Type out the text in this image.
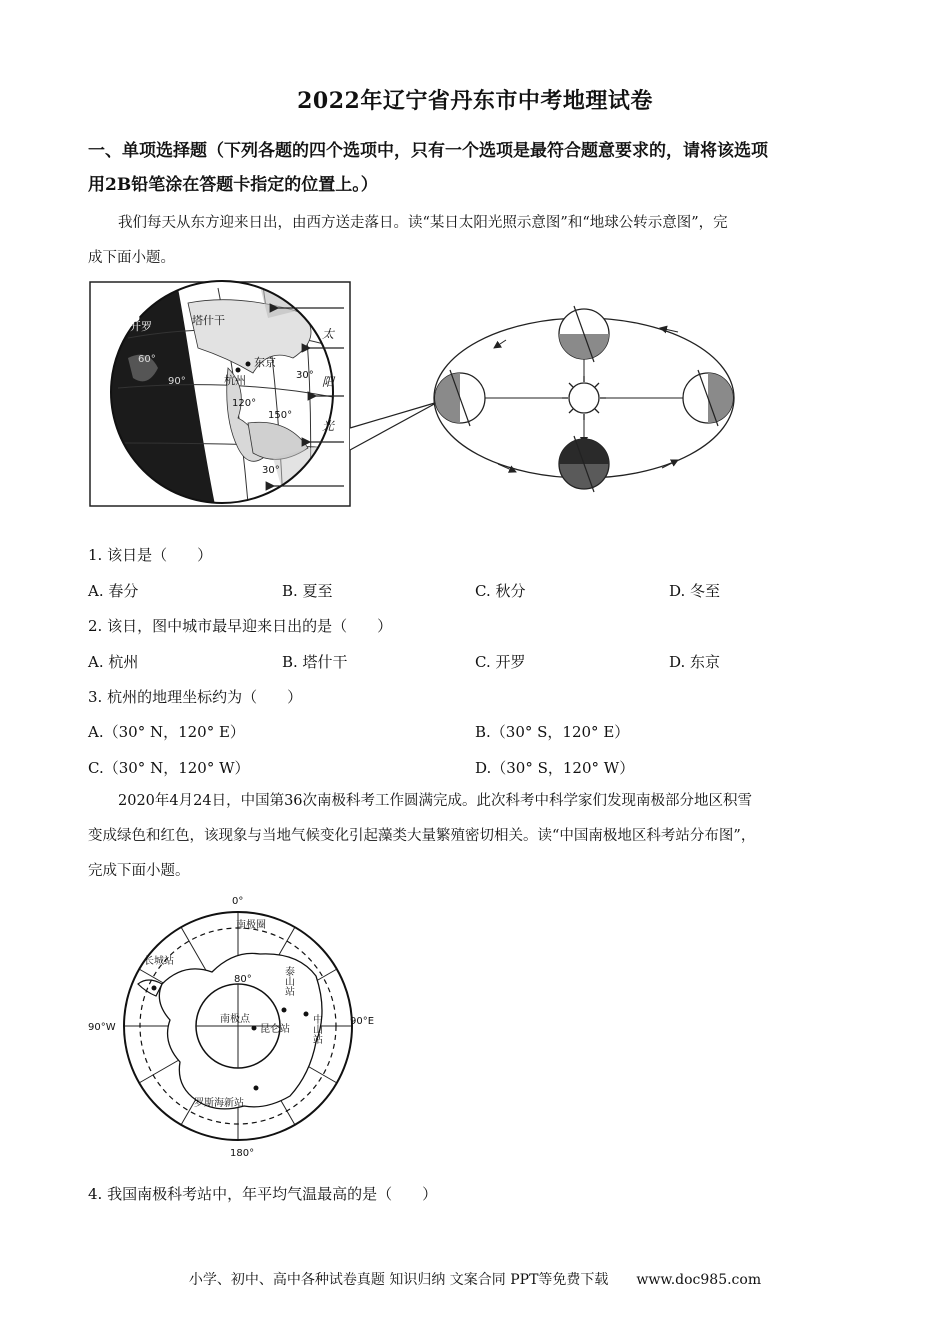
2022年辽宁省丹东市中考地理试卷
一、单项选择题（下列各题的四个选项中，只有一个选项是最符合题意要求的，请将该选项
用2B铅笔涂在答题卡指定的位置上。）
我们每天从东方迎来日出，由西方送走落日。读“某日太阳光照示意图”和“地球公转示意图”，完
成下面小题。
开罗	塔什干
东京
杭州
60°
90°
30°
120°
150°
30°
太
阳
光
1. 该日是（　　）
A. 春分	B. 夏至	C. 秋分	D. 冬至
2. 该日，图中城市最早迎来日出的是（　　）
A. 杭州	B. 塔什干	C. 开罗	D. 东京
3. 杭州的地理坐标约为（　　）
A.（30° N，120° E）	B.（30° S，120° E）
C.（30° N，120° W）	D.（30° S，120° W）
2020年4月24日，中国第36次南极科考工作圆满完成。此次科考中科学家们发现南极部分地区积雪
变成绿色和红色，该现象与当地气候变化引起藻类大量繁殖密切相关。读“中国南极地区科考站分布图”，
完成下面小题。
0°
南极圈
长城站
80°	泰山站
中山站
南极点
昆仑站
90°W
90°E
罗斯海新站
180°
4. 我国南极科考站中，年平均气温最高的是（　　）
小学、初中、高中各种试卷真题 知识归纳 文案合同 PPT等免费下载　　www.doc985.com
